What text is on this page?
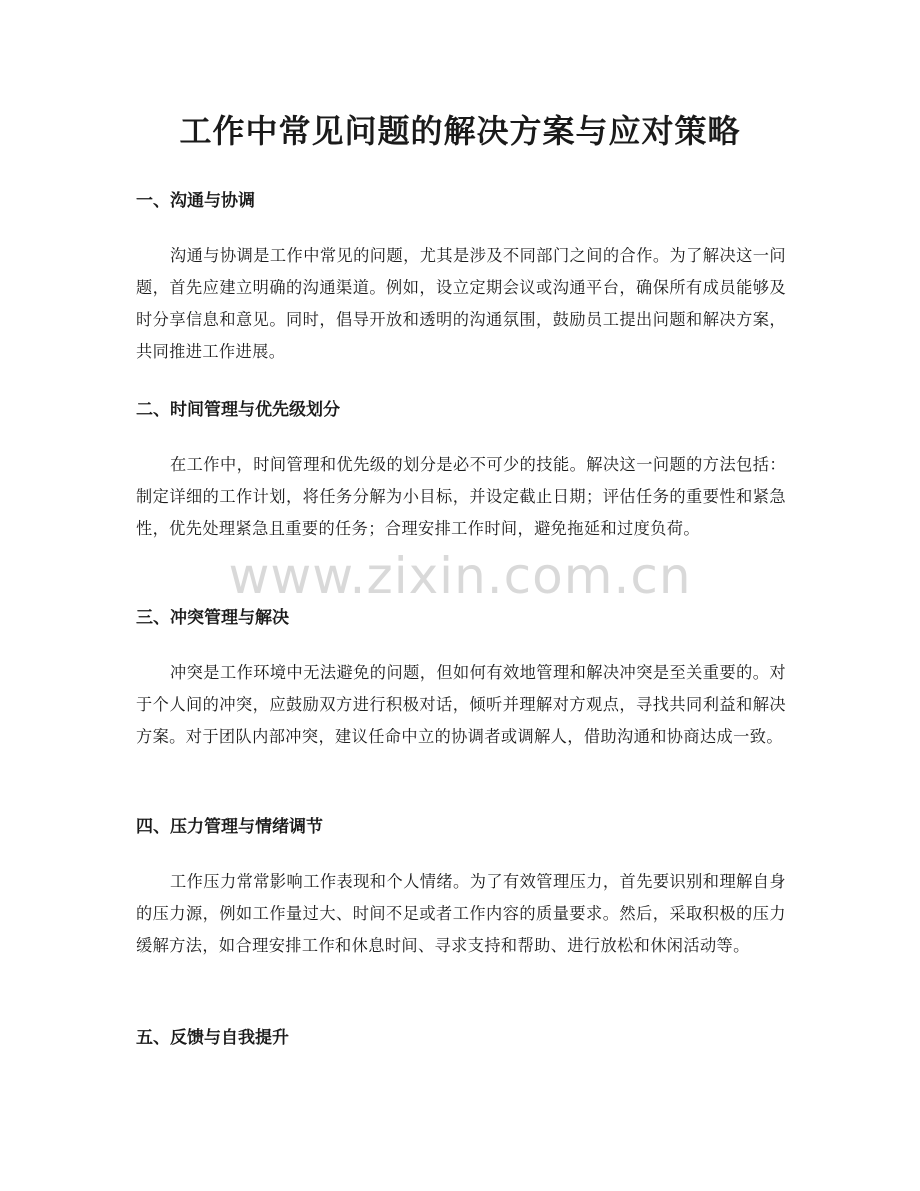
工作中常见问题的解决方案与应对策略
一、沟通与协调

沟通与协调是工作中常见的问题，尤其是涉及不同部门之间的合作。为了解决这一问题，首先应建立明确的沟通渠道。例如，设立定期会议或沟通平台，确保所有成员能够及时分享信息和意见。同时，倡导开放和透明的沟通氛围，鼓励员工提出问题和解决方案，共同推进工作进展。

二、时间管理与优先级划分

在工作中，时间管理和优先级的划分是必不可少的技能。解决这一问题的方法包括：制定详细的工作计划，将任务分解为小目标，并设定截止日期；评估任务的重要性和紧急性，优先处理紧急且重要的任务；合理安排工作时间，避免拖延和过度负荷。

三、冲突管理与解决

冲突是工作环境中无法避免的问题，但如何有效地管理和解决冲突是至关重要的。对于个人间的冲突，应鼓励双方进行积极对话，倾听并理解对方观点，寻找共同利益和解决方案。对于团队内部冲突，建议任命中立的协调者或调解人，借助沟通和协商达成一致。

四、压力管理与情绪调节

工作压力常常影响工作表现和个人情绪。为了有效管理压力，首先要识别和理解自身的压力源，例如工作量过大、时间不足或者工作内容的质量要求。然后，采取积极的压力缓解方法，如合理安排工作和休息时间、寻求支持和帮助、进行放松和休闲活动等。

五、反馈与自我提升
www.zixin.com.cn
